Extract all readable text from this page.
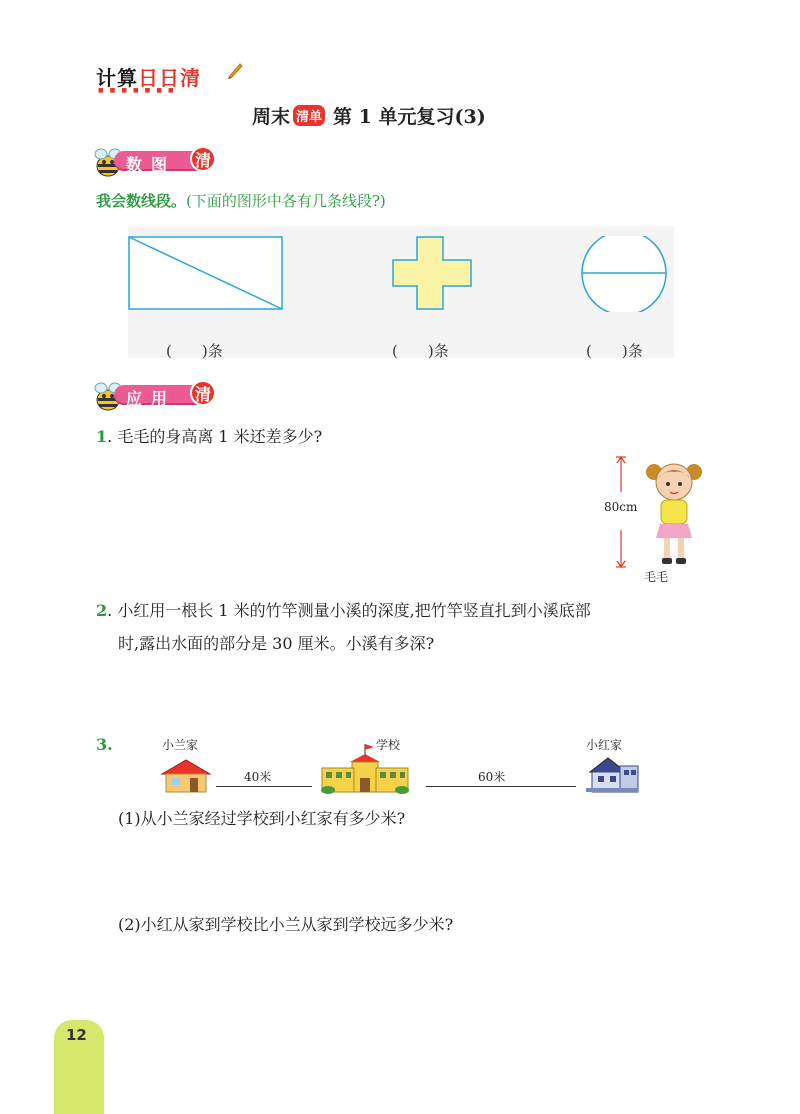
计算日日清
■■■■■■■
周末 清单 第 1 单元复习(3)
数图	清
我会数线段。(下面的图形中各有几条线段?)
(　　)条	(　　)条	(　　)条
应用	清
1. 毛毛的身高离 1 米还差多少?
80cm
毛毛
2. 小红用一根长 1 米的竹竿测量小溪的深度,把竹竿竖直扎到小溪底部
时,露出水面的部分是 30 厘米。小溪有多深?
3.	小兰家	学校	小红家
40米	60米
(1)从小兰家经过学校到小红家有多少米?
(2)小红从家到学校比小兰从家到学校远多少米?
12
